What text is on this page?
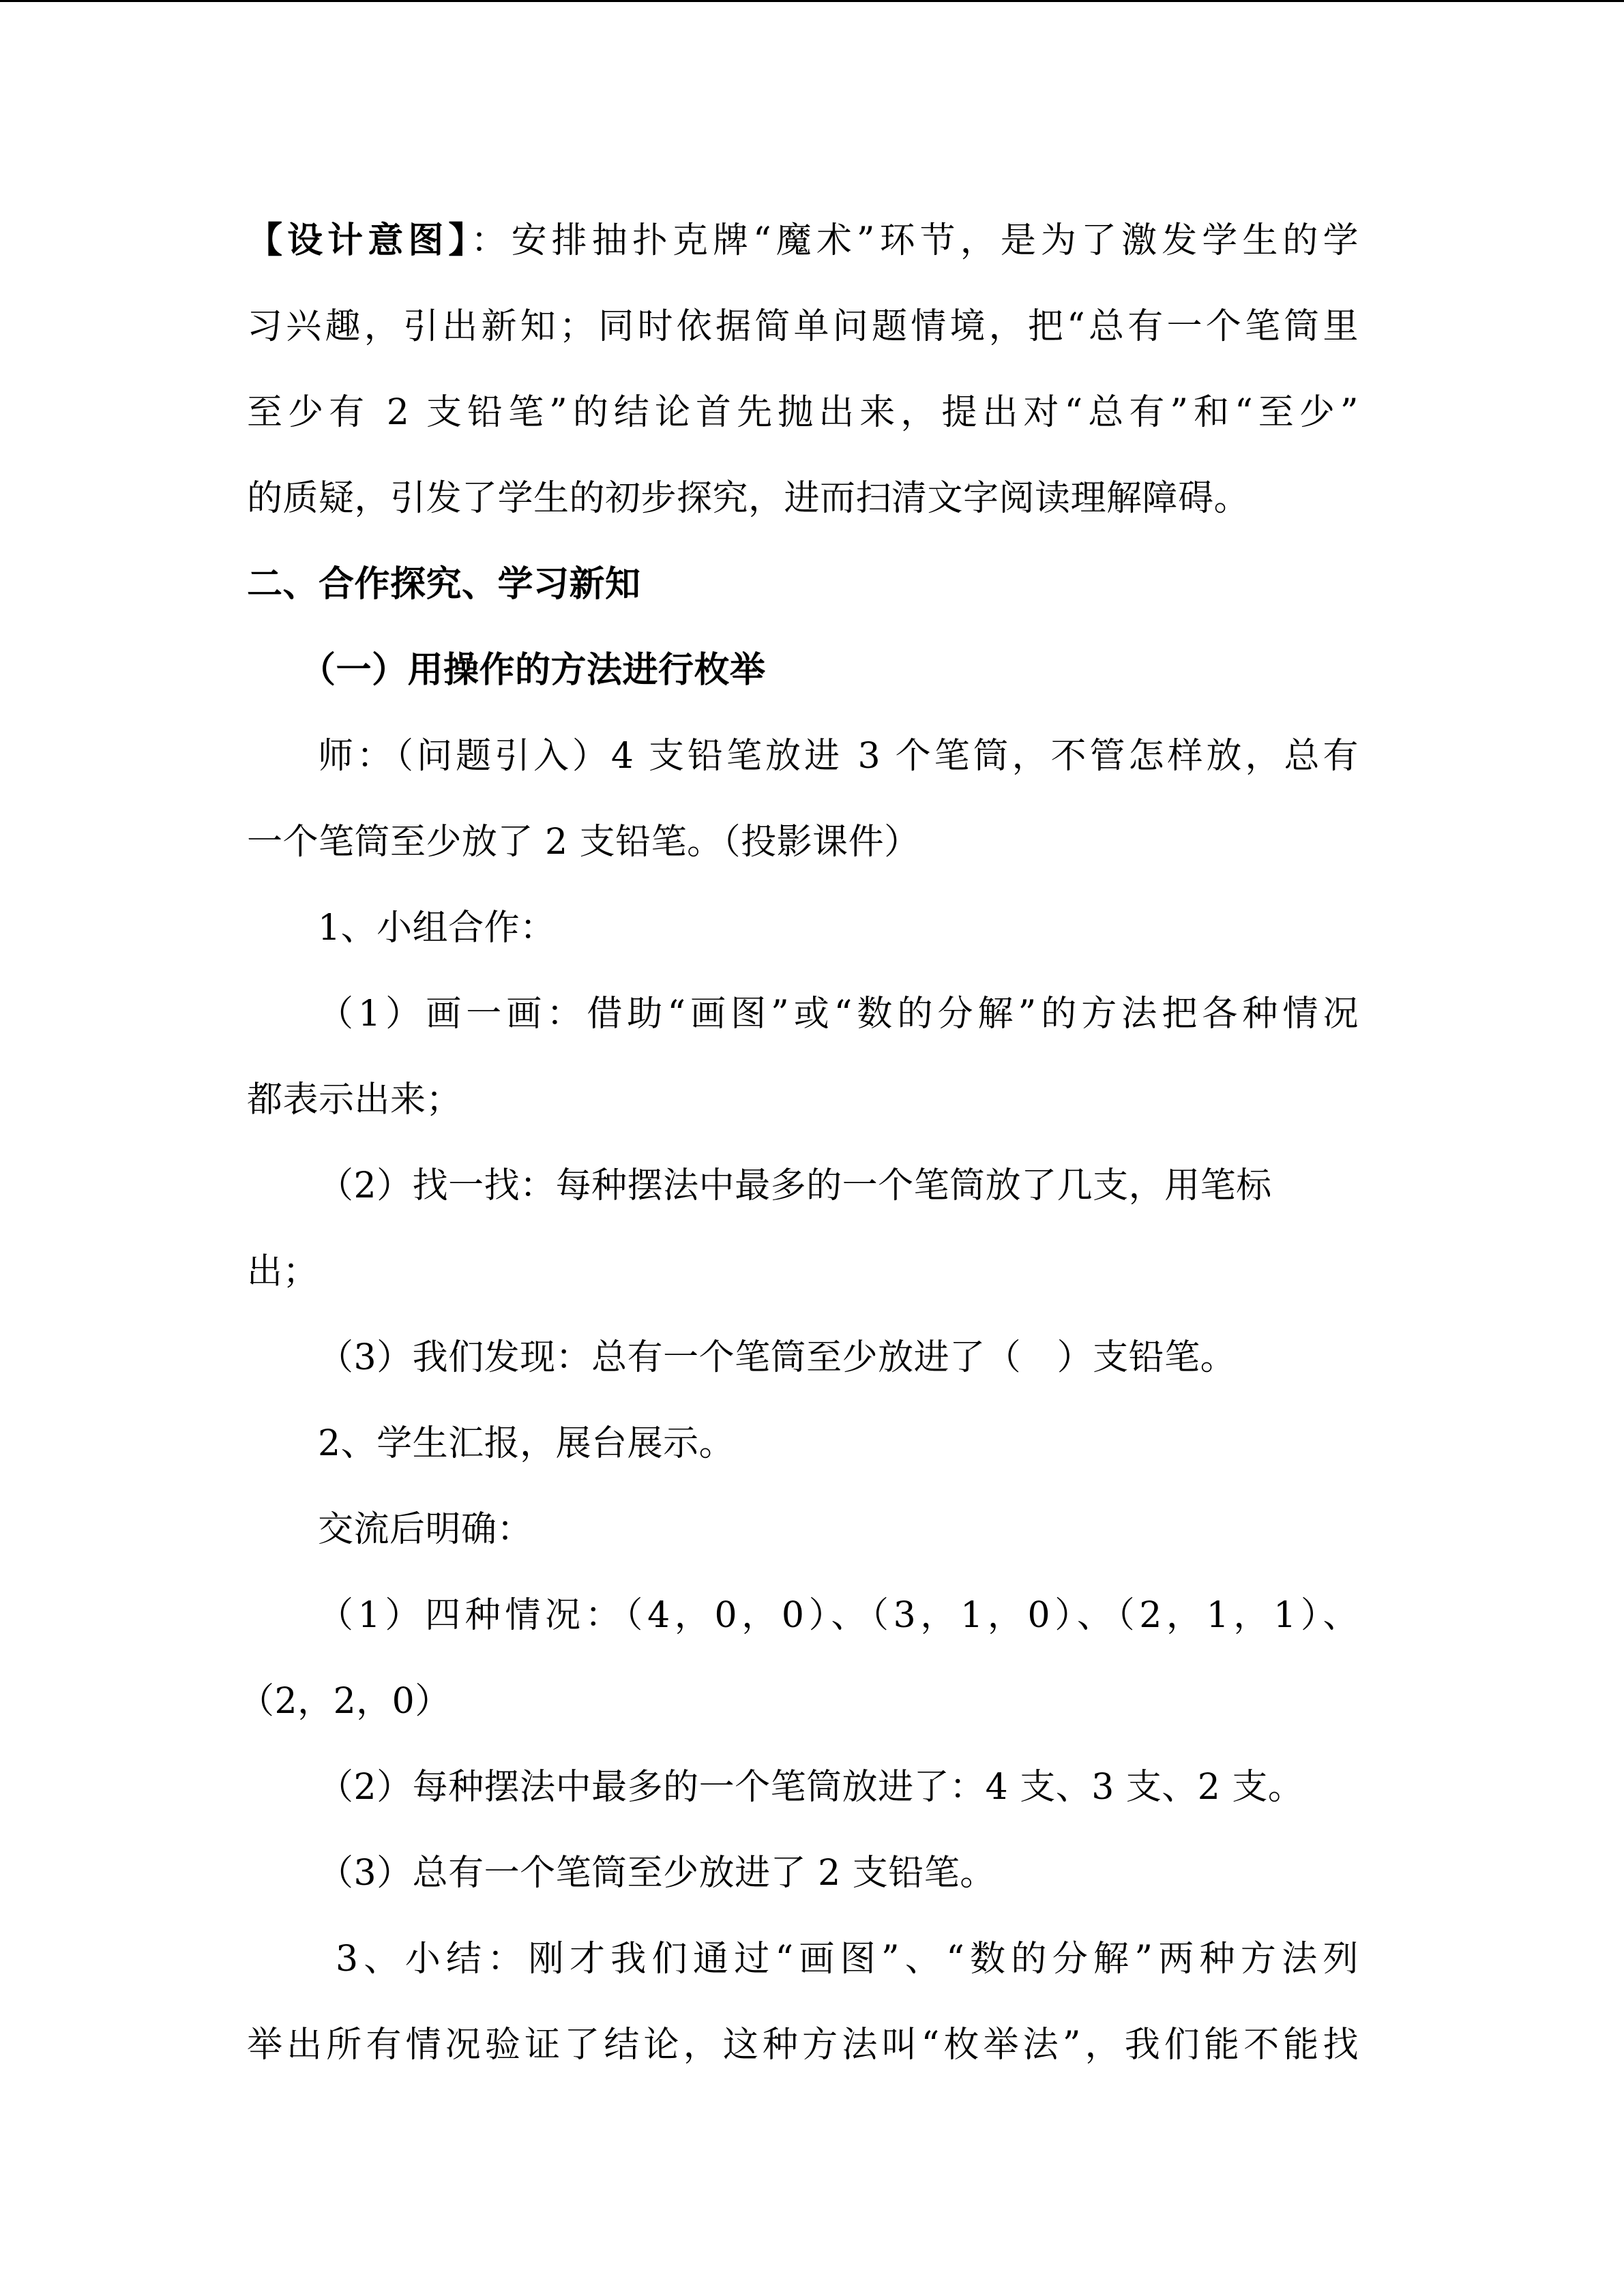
【设计意图】：安排抽扑克牌“魔术”环节，是为了激发学生的学
习兴趣，引出新知；同时依据简单问题情境，把“总有一个笔筒里
至少有 2 支铅笔”的结论首先抛出来，提出对“总有”和“至少”
的质疑，引发了学生的初步探究，进而扫清文字阅读理解障碍。
二、合作探究、学习新知
（一）用操作的方法进行枚举
师：（问题引入）4 支铅笔放进 3 个笔筒，不管怎样放，总有
一个笔筒至少放了 2 支铅笔。（投影课件）
1、小组合作：
（1）画一画：借助“画图”或“数的分解”的方法把各种情况
都表示出来；
（2）找一找：每种摆法中最多的一个笔筒放了几支，用笔标
出；
（3）我们发现：总有一个笔筒至少放进了（　）支铅笔。
2、学生汇报，展台展示。
交流后明确：
（1）四种情况：（4，0，0）、（3，1，0）、（2，1，1）、
（2，2，0）
（2）每种摆法中最多的一个笔筒放进了：4 支、3 支、2 支。
（3）总有一个笔筒至少放进了 2 支铅笔。
3、小结：刚才我们通过“画图”、“数的分解”两种方法列
举出所有情况验证了结论，这种方法叫“枚举法”，我们能不能找
